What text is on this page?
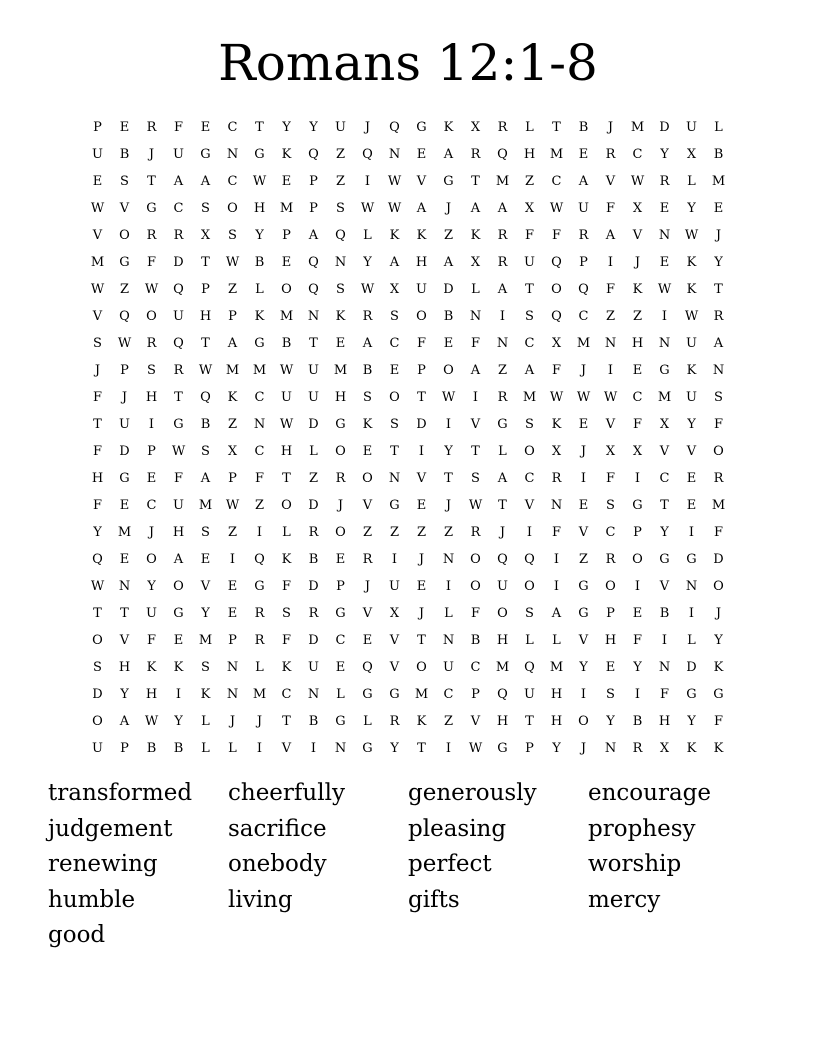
Romans 12:1-8
P	E	R	F	E	C	T	Y	Y	U	J	Q	G	K	X	R	L	T	B	J	M	D	U	L
U	B	J	U	G	N	G	K	Q	Z	Q	N	E	A	R	Q	H	M	E	R	C	Y	X	B
E	S	T	A	A	C	W	E	P	Z	I	W	V	G	T	M	Z	C	A	V	W	R	L	M
W	V	G	C	S	O	H	M	P	S	W	W	A	J	A	A	X	W	U	F	X	E	Y	E
V	O	R	R	X	S	Y	P	A	Q	L	K	K	Z	K	R	F	F	R	A	V	N	W	J
M	G	F	D	T	W	B	E	Q	N	Y	A	H	A	X	R	U	Q	P	I	J	E	K	Y
W	Z	W	Q	P	Z	L	O	Q	S	W	X	U	D	L	A	T	O	Q	F	K	W	K	T
V	Q	O	U	H	P	K	M	N	K	R	S	O	B	N	I	S	Q	C	Z	Z	I	W	R
S	W	R	Q	T	A	G	B	T	E	A	C	F	E	F	N	C	X	M	N	H	N	U	A
J	P	S	R	W	M	M	W	U	M	B	E	P	O	A	Z	A	F	J	I	E	G	K	N
F	J	H	T	Q	K	C	U	U	H	S	O	T	W	I	R	M	W	W	W	C	M	U	S
T	U	I	G	B	Z	N	W	D	G	K	S	D	I	V	G	S	K	E	V	F	X	Y	F
F	D	P	W	S	X	C	H	L	O	E	T	I	Y	T	L	O	X	J	X	X	V	V	O
H	G	E	F	A	P	F	T	Z	R	O	N	V	T	S	A	C	R	I	F	I	C	E	R
F	E	C	U	M	W	Z	O	D	J	V	G	E	J	W	T	V	N	E	S	G	T	E	M
Y	M	J	H	S	Z	I	L	R	O	Z	Z	Z	Z	R	J	I	F	V	C	P	Y	I	F
Q	E	O	A	E	I	Q	K	B	E	R	I	J	N	O	Q	Q	I	Z	R	O	G	G	D
W	N	Y	O	V	E	G	F	D	P	J	U	E	I	O	U	O	I	G	O	I	V	N	O
T	T	U	G	Y	E	R	S	R	G	V	X	J	L	F	O	S	A	G	P	E	B	I	J
O	V	F	E	M	P	R	F	D	C	E	V	T	N	B	H	L	L	V	H	F	I	L	Y
S	H	K	K	S	N	L	K	U	E	Q	V	O	U	C	M	Q	M	Y	E	Y	N	D	K
D	Y	H	I	K	N	M	C	N	L	G	G	M	C	P	Q	U	H	I	S	I	F	G	G
O	A	W	Y	L	J	J	T	B	G	L	R	K	Z	V	H	T	H	O	Y	B	H	Y	F
U	P	B	B	L	L	I	V	I	N	G	Y	T	I	W	G	P	Y	J	N	R	X	K	K
transformed	cheerfully	generously	encourage
judgement	sacrifice	pleasing	prophesy
renewing	onebody	perfect	worship
humble	living	gifts	mercy
good
